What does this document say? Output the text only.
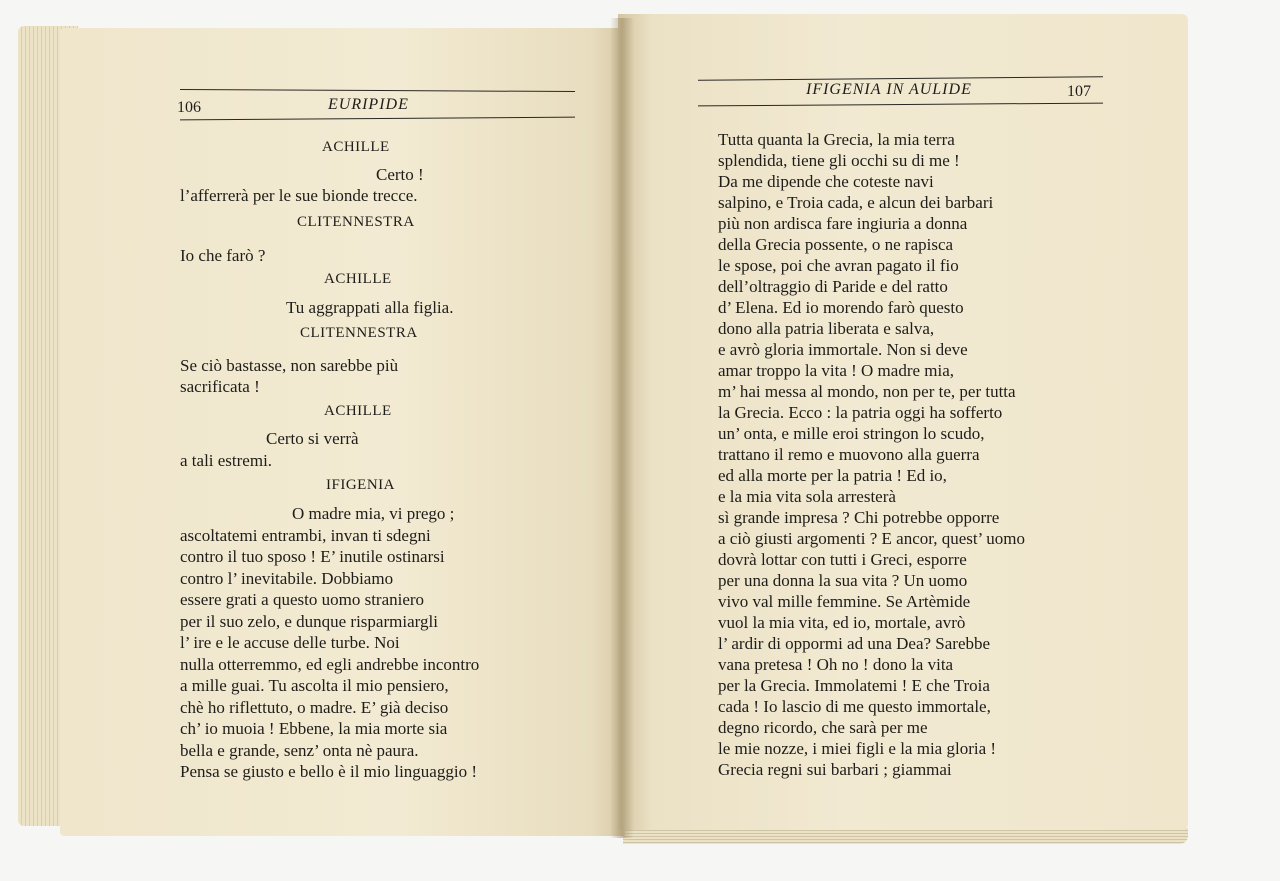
106	EURIPIDE
ACHILLE
Certo !
l’afferrerà per le sue bionde trecce.
CLITENNESTRA
Io che farò ?
ACHILLE
Tu aggrappati alla figlia.
CLITENNESTRA
Se ciò bastasse, non sarebbe più
sacrificata !
ACHILLE
Certo si verrà
a tali estremi.
IFIGENIA
O madre mia, vi prego ;
ascoltatemi entrambi, invan ti sdegni
contro il tuo sposo ! E’ inutile ostinarsi
contro l’ inevitabile. Dobbiamo
essere grati a questo uomo straniero
per il suo zelo, e dunque risparmiargli
l’ ire e le accuse delle turbe. Noi
nulla otterremmo, ed egli andrebbe incontro
a mille guai. Tu ascolta il mio pensiero,
chè ho riflettuto, o madre. E’ già deciso
ch’ io muoia ! Ebbene, la mia morte sia
bella e grande, senz’ onta nè paura.
Pensa se giusto e bello è il mio linguaggio !
IFIGENIA IN AULIDE	107
Tutta quanta la Grecia, la mia terra
splendida, tiene gli occhi su di me !
Da me dipende che coteste navi
salpino, e Troia cada, e alcun dei barbari
più non ardisca fare ingiuria a donna
della Grecia possente, o ne rapisca
le spose, poi che avran pagato il fio
dell’oltraggio di Paride e del ratto
d’ Elena. Ed io morendo farò questo
dono alla patria liberata e salva,
e avrò gloria immortale. Non si deve
amar troppo la vita ! O madre mia,
m’ hai messa al mondo, non per te, per tutta
la Grecia. Ecco : la patria oggi ha sofferto
un’ onta, e mille eroi stringon lo scudo,
trattano il remo e muovono alla guerra
ed alla morte per la patria ! Ed io,
e la mia vita sola arresterà
sì grande impresa ? Chi potrebbe opporre
a ciò giusti argomenti ? E ancor, quest’ uomo
dovrà lottar con tutti i Greci, esporre
per una donna la sua vita ? Un uomo
vivo val mille femmine. Se Artèmide
vuol la mia vita, ed io, mortale, avrò
l’ ardir di oppormi ad una Dea? Sarebbe
vana pretesa ! Oh no ! dono la vita
per la Grecia. Immolatemi ! E che Troia
cada ! Io lascio di me questo immortale,
degno ricordo, che sarà per me
le mie nozze, i miei figli e la mia gloria !
Grecia regni sui barbari ; giammai
